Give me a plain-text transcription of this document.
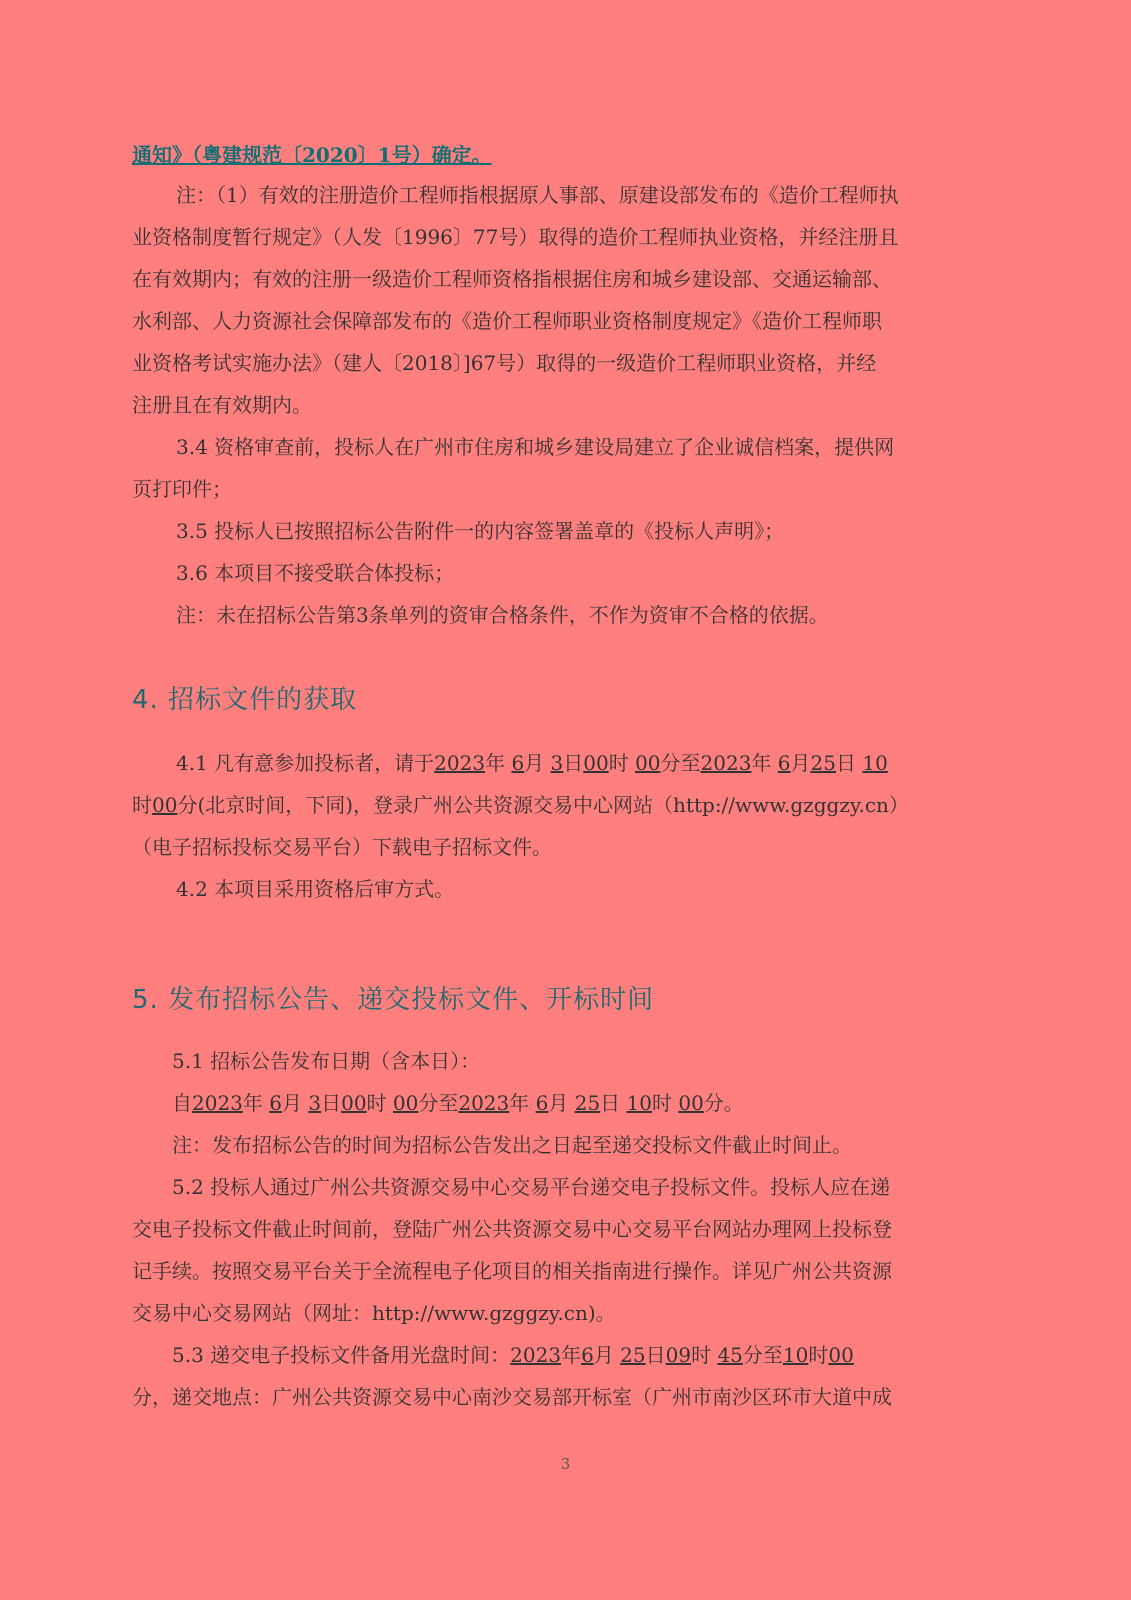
通知》（粤建规范〔2020〕1号）确定。
注：（1）有效的注册造价工程师指根据原人事部、原建设部发布的《造价工程师执
业资格制度暂行规定》（人发〔1996〕77号）取得的造价工程师执业资格，并经注册且
在有效期内；有效的注册一级造价工程师资格指根据住房和城乡建设部、交通运输部、
水利部、人力资源社会保障部发布的《造价工程师职业资格制度规定》《造价工程师职
业资格考试实施办法》（建人〔2018〕]67号）取得的一级造价工程师职业资格，并经
注册且在有效期内。
3.4 资格审查前，投标人在广州市住房和城乡建设局建立了企业诚信档案，提供网
页打印件；
3.5 投标人已按照招标公告附件一的内容签署盖章的《投标人声明》；
3.6 本项目不接受联合体投标；
注：未在招标公告第3条单列的资审合格条件，不作为资审不合格的依据。
4. 招标文件的获取
4.1 凡有意参加投标者，请于2023年 6月 3日00时 00分至2023年 6月25日 10
时00分(北京时间，下同)，登录广州公共资源交易中心网站（http://www.gzggzy.cn）
（电子招标投标交易平台）下载电子招标文件。
4.2 本项目采用资格后审方式。
5. 发布招标公告、递交投标文件、开标时间
5.1 招标公告发布日期（含本日）：
自2023年 6月 3日00时 00分至2023年 6月 25日 10时 00分。
注：发布招标公告的时间为招标公告发出之日起至递交投标文件截止时间止。
5.2 投标人通过广州公共资源交易中心交易平台递交电子投标文件。投标人应在递
交电子投标文件截止时间前，登陆广州公共资源交易中心交易平台网站办理网上投标登
记手续。按照交易平台关于全流程电子化项目的相关指南进行操作。详见广州公共资源
交易中心交易网站（网址：http://www.gzggzy.cn)。
5.3 递交电子投标文件备用光盘时间：2023年6月 25日09时 45分至10时00
分，递交地点：广州公共资源交易中心南沙交易部开标室（广州市南沙区环市大道中成
3
